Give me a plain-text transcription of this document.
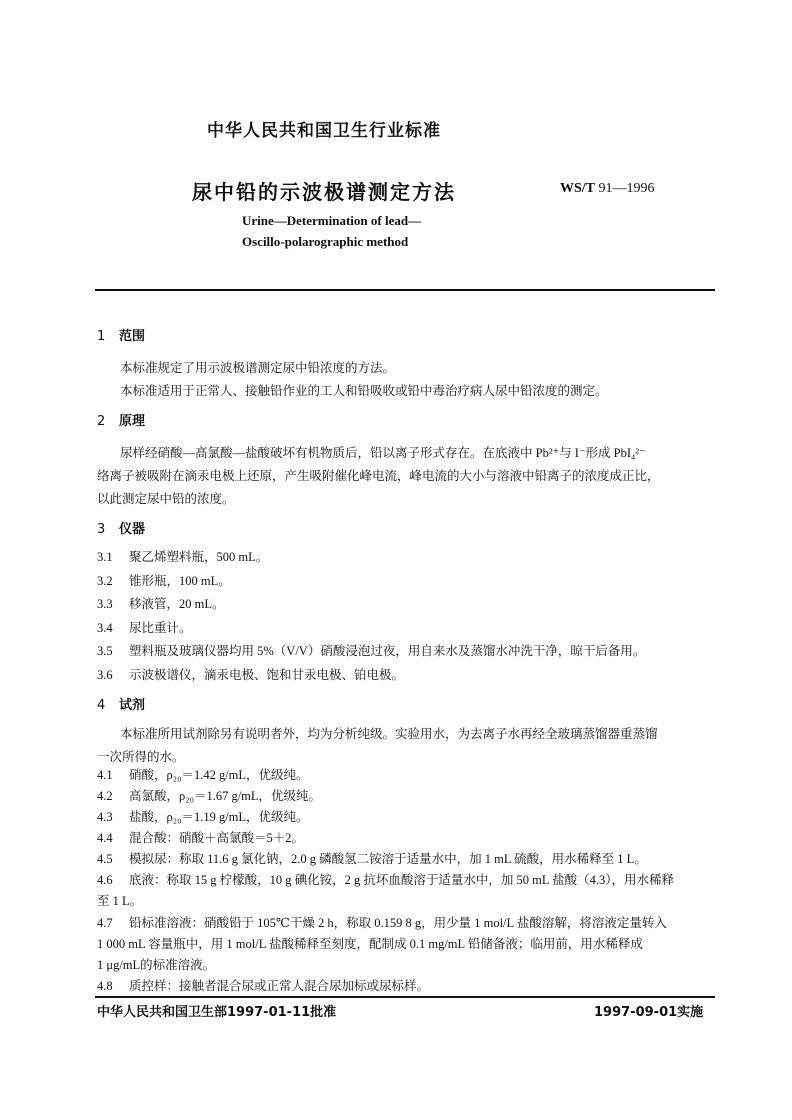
中华人民共和国卫生行业标准
尿中铅的示波极谱测定方法	WS/T 91—1996
Urine—Determination of lead—
Oscillo-polarographic method
1 范围
本标准规定了用示波极谱测定尿中铅浓度的方法。
本标准适用于正常人、接触铅作业的工人和铅吸收或铅中毒治疗病人尿中铅浓度的测定。
2 原理
尿样经硝酸—高氯酸—盐酸破坏有机物质后，铅以离子形式存在。在底液中 Pb²⁺与 I⁻形成 PbI₄²⁻
络离子被吸附在滴汞电极上还原，产生吸附催化峰电流，峰电流的大小与溶液中铅离子的浓度成正比，
以此测定尿中铅的浓度。
3 仪器
3.1 聚乙烯塑料瓶，500 mL。
3.2 锥形瓶，100 mL。
3.3 移液管，20 mL。
3.4 尿比重计。
3.5 塑料瓶及玻璃仪器均用 5%（V/V）硝酸浸泡过夜，用自来水及蒸馏水冲洗干净，晾干后备用。
3.6 示波极谱仪，滴汞电极、饱和甘汞电极、铂电极。
4 试剂
本标准所用试剂除另有说明者外，均为分析纯级。实验用水，为去离子水再经全玻璃蒸馏器重蒸馏
一次所得的水。
4.1 硝酸，ρ₂₀＝1.42 g/mL，优级纯。
4.2 高氯酸，ρ₂₀＝1.67 g/mL，优级纯。
4.3 盐酸，ρ₂₀＝1.19 g/mL，优级纯。
4.4 混合酸：硝酸＋高氯酸＝5＋2。
4.5 模拟尿：称取 11.6 g 氯化钠，2.0 g 磷酸氢二铵溶于适量水中，加 1 mL 硫酸，用水稀释至 1 L。
4.6 底液：称取 15 g 柠檬酸，10 g 碘化铵，2 g 抗坏血酸溶于适量水中，加 50 mL 盐酸（4.3），用水稀释
至 1 L。
4.7 铅标准溶液：硝酸铅于 105℃干燥 2 h，称取 0.159 8 g，用少量 1 mol/L 盐酸溶解，将溶液定量转入
1 000 mL 容量瓶中，用 1 mol/L 盐酸稀释至刻度，配制成 0.1 mg/mL 铅储备液；临用前，用水稀释成
1 μg/mL的标准溶液。
中华人民共和国卫生部1997-01-11批准	1997-09-01实施
4.8 质控样：接触者混合尿或正常人混合尿加标或尿标样。
